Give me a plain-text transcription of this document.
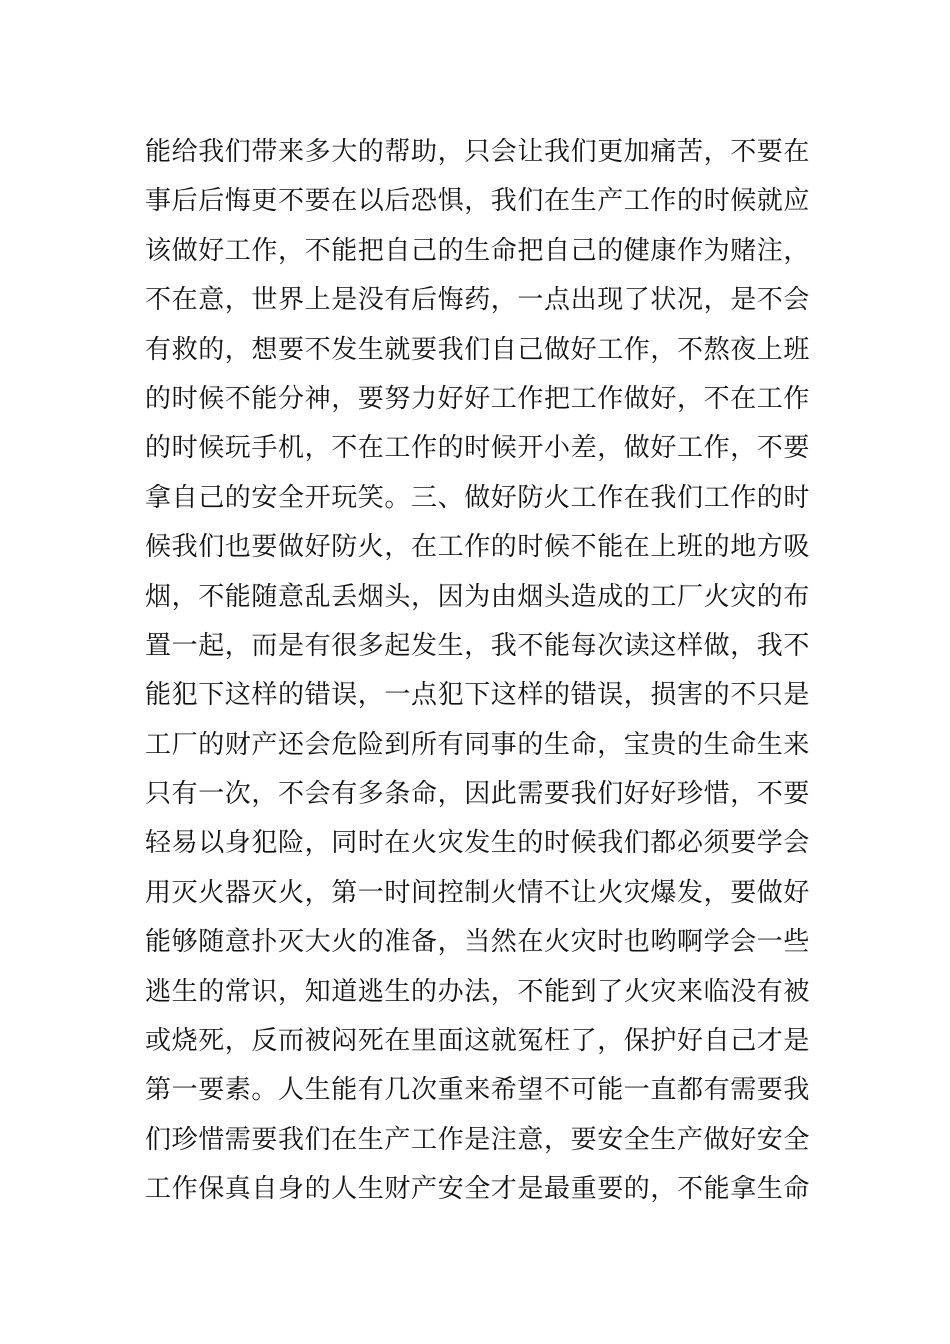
能给我们带来多大的帮助，只会让我们更加痛苦，不要在
事后后悔更不要在以后恐惧，我们在生产工作的时候就应
该做好工作，不能把自己的生命把自己的健康作为赌注，
不在意，世界上是没有后悔药，一点出现了状况，是不会
有救的，想要不发生就要我们自己做好工作，不熬夜上班
的时候不能分神，要努力好好工作把工作做好，不在工作
的时候玩手机，不在工作的时候开小差，做好工作，不要
拿自己的安全开玩笑。三、做好防火工作在我们工作的时
候我们也要做好防火，在工作的时候不能在上班的地方吸
烟，不能随意乱丢烟头，因为由烟头造成的工厂火灾的布
置一起，而是有很多起发生，我不能每次读这样做，我不
能犯下这样的错误，一点犯下这样的错误，损害的不只是
工厂的财产还会危险到所有同事的生命，宝贵的生命生来
只有一次，不会有多条命，因此需要我们好好珍惜，不要
轻易以身犯险，同时在火灾发生的时候我们都必须要学会
用灭火器灭火，第一时间控制火情不让火灾爆发，要做好
能够随意扑灭大火的准备，当然在火灾时也哟啊学会一些
逃生的常识，知道逃生的办法，不能到了火灾来临没有被
或烧死，反而被闷死在里面这就冤枉了，保护好自己才是
第一要素。人生能有几次重来希望不可能一直都有需要我
们珍惜需要我们在生产工作是注意，要安全生产做好安全
工作保真自身的人生财产安全才是最重要的，不能拿生命
